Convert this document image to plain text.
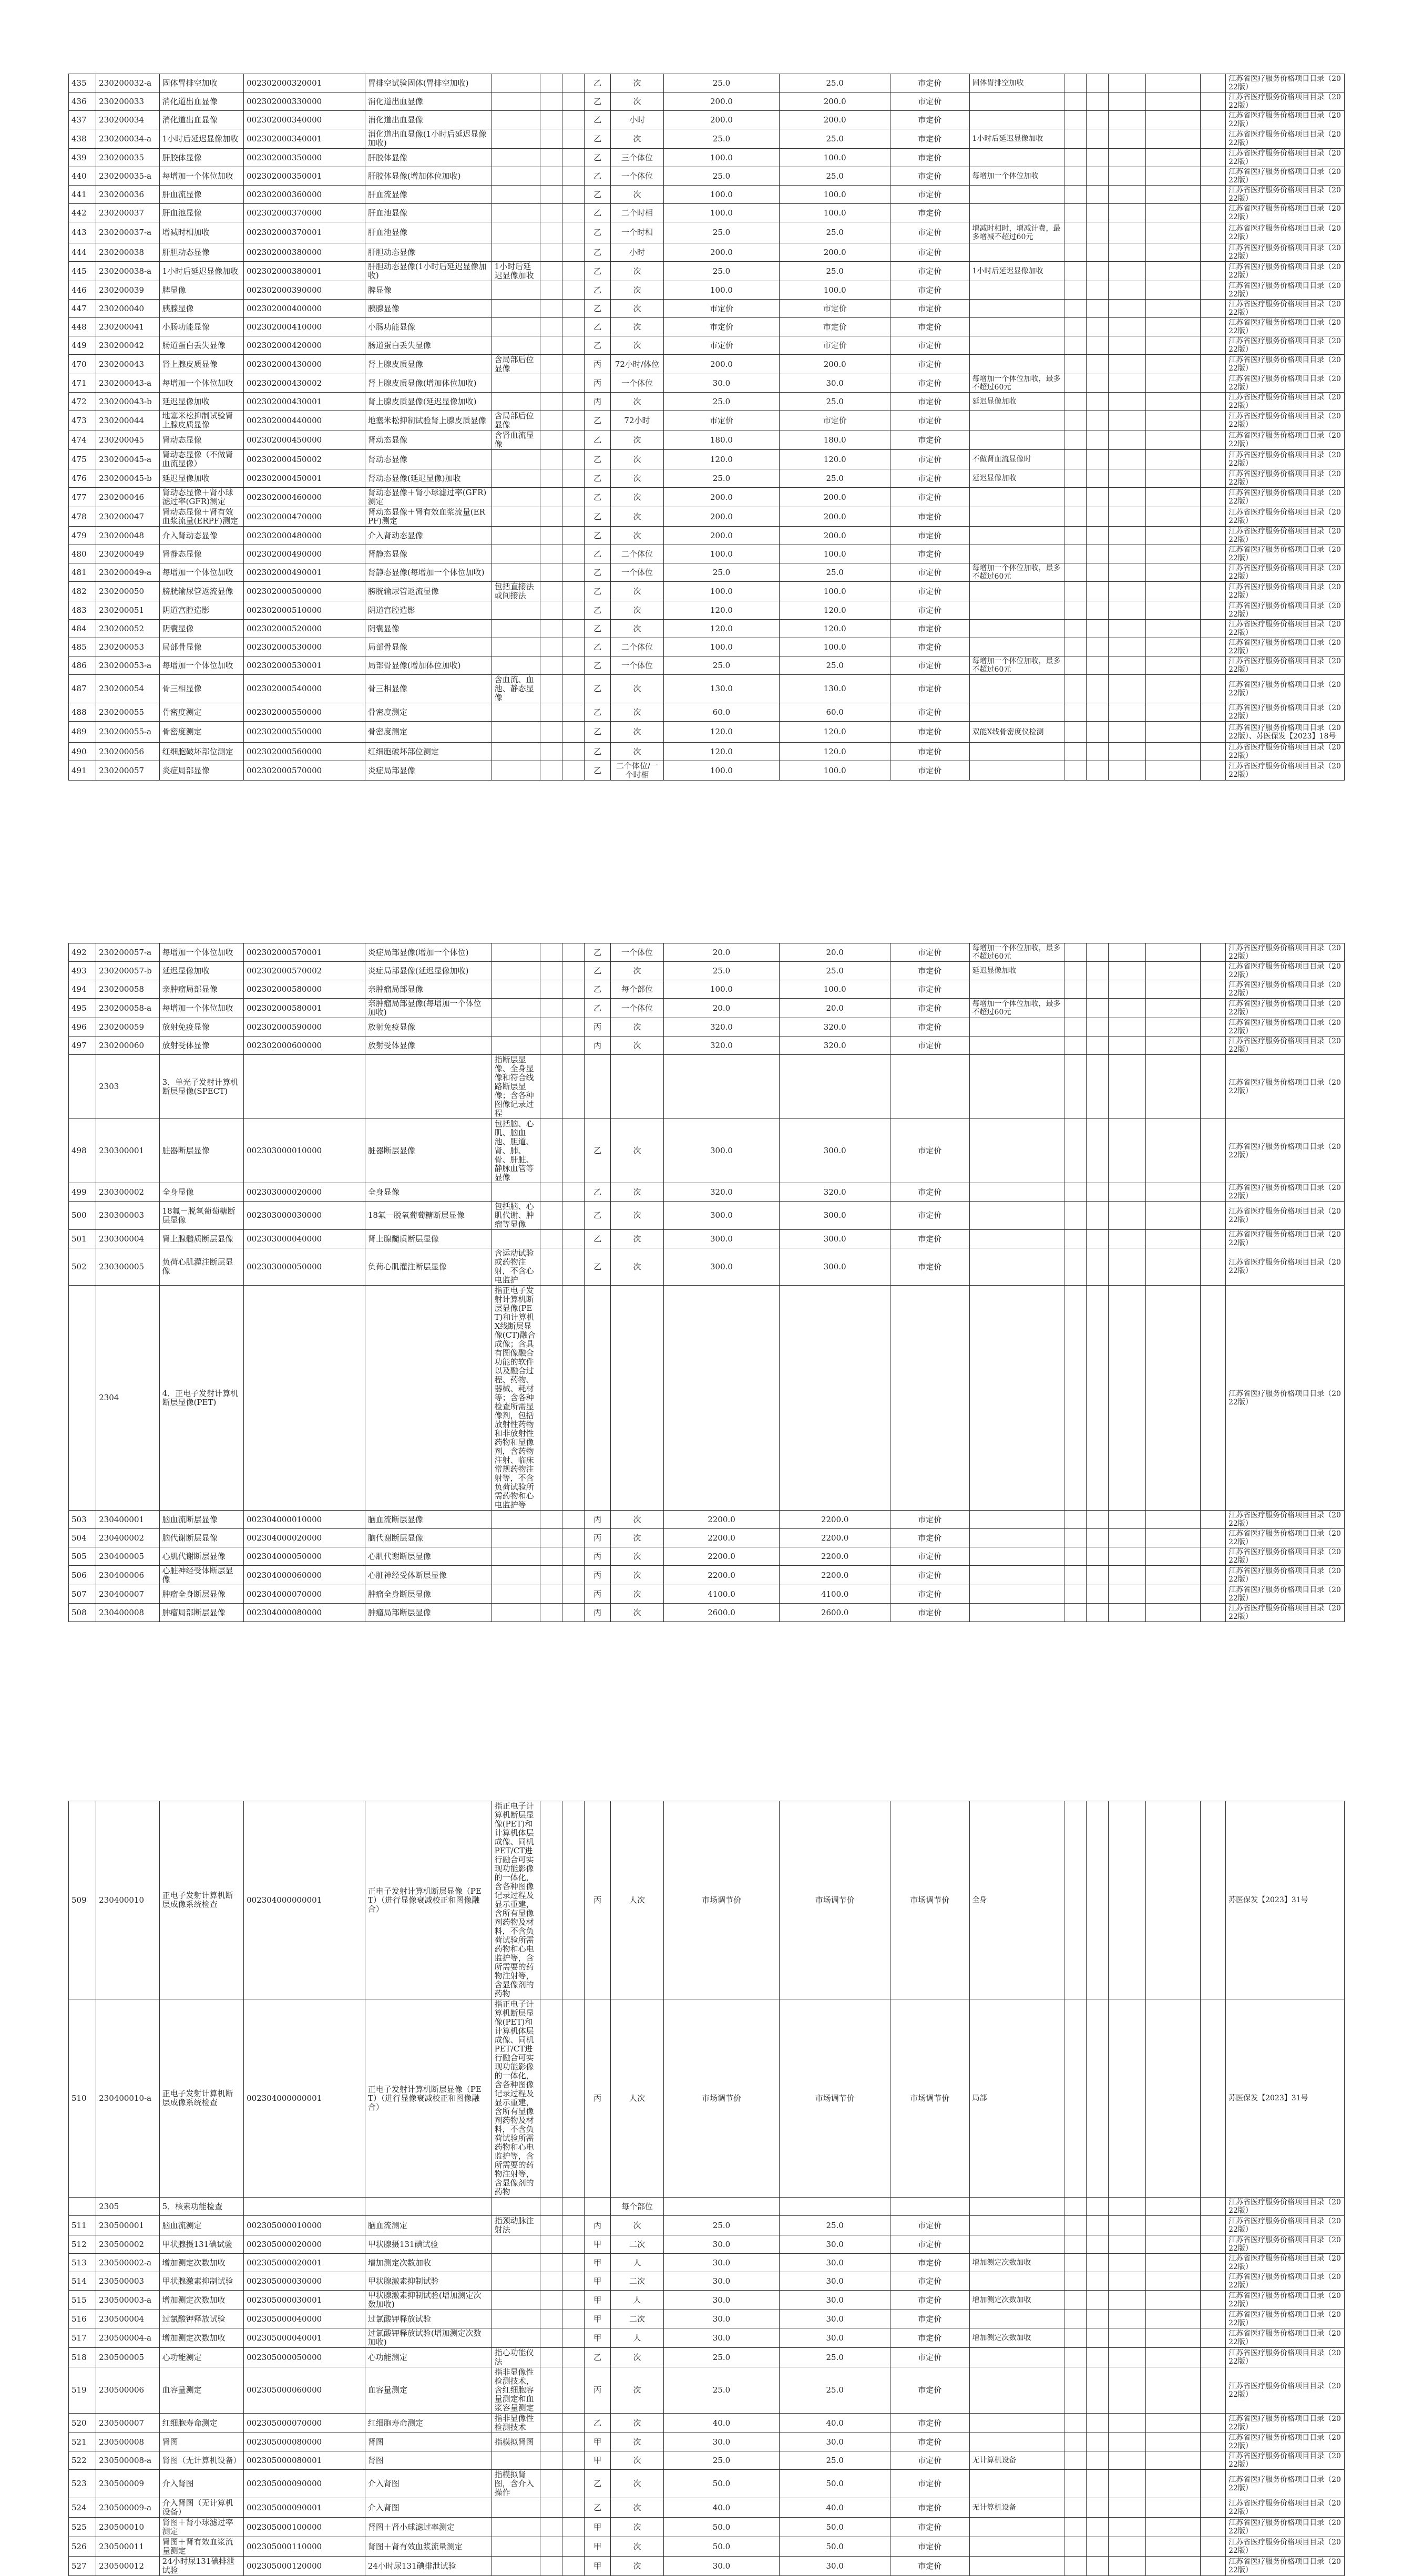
435	230200032-a	固体胃排空加收	002302000320001	胃排空试验固体(胃排空加收)				乙	次	25.0	25.0	市定价	固体胃排空加收						江苏省医疗服务价格项目目录（2022版）
436	230200033	消化道出血显像	002302000330000	消化道出血显像				乙	次	200.0	200.0	市定价							江苏省医疗服务价格项目目录（2022版）
437	230200034	消化道出血显像	002302000340000	消化道出血显像				乙	小时	200.0	200.0	市定价							江苏省医疗服务价格项目目录（2022版）
438	230200034-a	1小时后延迟显像加收	002302000340001	消化道出血显像(1小时后延迟显像加收)				乙	次	25.0	25.0	市定价	1小时后延迟显像加收						江苏省医疗服务价格项目目录（2022版）
439	230200035	肝胶体显像	002302000350000	肝胶体显像				乙	三个体位	100.0	100.0	市定价							江苏省医疗服务价格项目目录（2022版）
440	230200035-a	每增加一个体位加收	002302000350001	肝胶体显像(增加体位加收)				乙	一个体位	25.0	25.0	市定价	每增加一个体位加收						江苏省医疗服务价格项目目录（2022版）
441	230200036	肝血流显像	002302000360000	肝血流显像				乙	次	100.0	100.0	市定价							江苏省医疗服务价格项目目录（2022版）
442	230200037	肝血池显像	002302000370000	肝血池显像				乙	二个时相	100.0	100.0	市定价							江苏省医疗服务价格项目目录（2022版）
443	230200037-a	增减时相加收	002302000370001	肝血池显像				乙	一个时相	25.0	25.0	市定价	增减时相时，增减计费，最多增减不超过60元						江苏省医疗服务价格项目目录（2022版）
444	230200038	肝胆动态显像	002302000380000	肝胆动态显像				乙	小时	200.0	200.0	市定价							江苏省医疗服务价格项目目录（2022版）
445	230200038-a	1小时后延迟显像加收	002302000380001	肝胆动态显像(1小时后延迟显像加收)	1小时后延迟显像加收			乙	次	25.0	25.0	市定价	1小时后延迟显像加收						江苏省医疗服务价格项目目录（2022版）
446	230200039	脾显像	002302000390000	脾显像				乙	次	100.0	100.0	市定价							江苏省医疗服务价格项目目录（2022版）
447	230200040	胰腺显像	002302000400000	胰腺显像				乙	次	市定价	市定价	市定价							江苏省医疗服务价格项目目录（2022版）
448	230200041	小肠功能显像	002302000410000	小肠功能显像				乙	次	市定价	市定价	市定价							江苏省医疗服务价格项目目录（2022版）
449	230200042	肠道蛋白丢失显像	002302000420000	肠道蛋白丢失显像				乙	次	市定价	市定价	市定价							江苏省医疗服务价格项目目录（2022版）
470	230200043	肾上腺皮质显像	002302000430000	肾上腺皮质显像	含局部后位显像			丙	72小时/体位	200.0	200.0	市定价							江苏省医疗服务价格项目目录（2022版）
471	230200043-a	每增加一个体位加收	002302000430002	肾上腺皮质显像(增加体位加收)				丙	一个体位	30.0	30.0	市定价	每增加一个体位加收，最多不超过60元						江苏省医疗服务价格项目目录（2022版）
472	230200043-b	延迟显像加收	002302000430001	肾上腺皮质显像(延迟显像加收)				丙	次	25.0	25.0	市定价	延迟显像加收						江苏省医疗服务价格项目目录（2022版）
473	230200044	地塞米松抑制试验肾上腺皮质显像	002302000440000	地塞米松抑制试验肾上腺皮质显像	含局部后位显像			乙	72小时	市定价	市定价	市定价							江苏省医疗服务价格项目目录（2022版）
474	230200045	肾动态显像	002302000450000	肾动态显像	含肾血流显像			乙	次	180.0	180.0	市定价							江苏省医疗服务价格项目目录（2022版）
475	230200045-a	肾动态显像（不做肾血流显像）	002302000450002	肾动态显像				乙	次	120.0	120.0	市定价	不做肾血流显像时						江苏省医疗服务价格项目目录（2022版）
476	230200045-b	延迟显像加收	002302000450001	肾动态显像(延迟显像)加收				乙	次	25.0	25.0	市定价	延迟显像加收						江苏省医疗服务价格项目目录（2022版）
477	230200046	肾动态显像＋肾小球滤过率(GFR)测定	002302000460000	肾动态显像＋肾小球滤过率(GFR)测定				乙	次	200.0	200.0	市定价							江苏省医疗服务价格项目目录（2022版）
478	230200047	肾动态显像＋肾有效血浆流量(ERPF)测定	002302000470000	肾动态显像＋肾有效血浆流量(ERPF)测定				乙	次	200.0	200.0	市定价							江苏省医疗服务价格项目目录（2022版）
479	230200048	介入肾动态显像	002302000480000	介入肾动态显像				乙	次	200.0	200.0	市定价							江苏省医疗服务价格项目目录（2022版）
480	230200049	肾静态显像	002302000490000	肾静态显像				乙	二个体位	100.0	100.0	市定价							江苏省医疗服务价格项目目录（2022版）
481	230200049-a	每增加一个体位加收	002302000490001	肾静态显像(每增加一个体位加收)				乙	一个体位	25.0	25.0	市定价	每增加一个体位加收，最多不超过60元						江苏省医疗服务价格项目目录（2022版）
482	230200050	膀胱输尿管返流显像	002302000500000	膀胱输尿管返流显像	包括直接法或间接法			乙	次	100.0	100.0	市定价							江苏省医疗服务价格项目目录（2022版）
483	230200051	阴道宫腔造影	002302000510000	阴道宫腔造影				乙	次	120.0	120.0	市定价							江苏省医疗服务价格项目目录（2022版）
484	230200052	阴囊显像	002302000520000	阴囊显像				乙	次	120.0	120.0	市定价							江苏省医疗服务价格项目目录（2022版）
485	230200053	局部骨显像	002302000530000	局部骨显像				乙	二个体位	100.0	100.0	市定价							江苏省医疗服务价格项目目录（2022版）
486	230200053-a	每增加一个体位加收	002302000530001	局部骨显像(增加体位加收)				乙	一个体位	25.0	25.0	市定价	每增加一个体位加收，最多不超过60元						江苏省医疗服务价格项目目录（2022版）
487	230200054	骨三相显像	002302000540000	骨三相显像	含血流、血池、静态显像			乙	次	130.0	130.0	市定价							江苏省医疗服务价格项目目录（2022版）
488	230200055	骨密度测定	002302000550000	骨密度测定				乙	次	60.0	60.0	市定价							江苏省医疗服务价格项目目录（2022版）
489	230200055-a	骨密度测定	002302000550000	骨密度测定				乙	次	120.0	120.0	市定价	双能X线骨密度仪检测						江苏省医疗服务价格项目目录（2022版）、苏医保发【2023】18号
490	230200056	红细胞破坏部位测定	002302000560000	红细胞破坏部位测定				乙	次	120.0	120.0	市定价							江苏省医疗服务价格项目目录（2022版）
491	230200057	炎症局部显像	002302000570000	炎症局部显像				乙	二个体位/一个时相	100.0	100.0	市定价							江苏省医疗服务价格项目目录（2022版）
492	230200057-a	每增加一个体位加收	002302000570001	炎症局部显像(增加一个体位)				乙	一个体位	20.0	20.0	市定价	每增加一个体位加收，最多不超过60元						江苏省医疗服务价格项目目录（2022版）
493	230200057-b	延迟显像加收	002302000570002	炎症局部显像(延迟显像加收)				乙	次	25.0	25.0	市定价	延迟显像加收						江苏省医疗服务价格项目目录（2022版）
494	230200058	亲肿瘤局部显像	002302000580000	亲肿瘤局部显像				乙	每个部位	100.0	100.0	市定价							江苏省医疗服务价格项目目录（2022版）
495	230200058-a	每增加一个体位加收	002302000580001	亲肿瘤局部显像(每增加一个体位加收)				乙	一个体位	20.0	20.0	市定价	每增加一个体位加收，最多不超过60元						江苏省医疗服务价格项目目录（2022版）
496	230200059	放射免疫显像	002302000590000	放射免疫显像				丙	次	320.0	320.0	市定价							江苏省医疗服务价格项目目录（2022版）
497	230200060	放射受体显像	002302000600000	放射受体显像				丙	次	320.0	320.0	市定价							江苏省医疗服务价格项目目录（2022版）
	2303	3．单光子发射计算机断层显像(SPECT)			指断层显像、全身显像和符合线路断层显像；含各种图像记录过程														江苏省医疗服务价格项目目录（2022版）
498	230300001	脏器断层显像	002303000010000	脏器断层显像	包括脑、心肌、脑血池、胆道、肾、肺、骨、肝脏、静脉血管等显像			乙	次	300.0	300.0	市定价							江苏省医疗服务价格项目目录（2022版）
499	230300002	全身显像	002303000020000	全身显像				乙	次	320.0	320.0	市定价							江苏省医疗服务价格项目目录（2022版）
500	230300003	18氟－脱氧葡萄糖断层显像	002303000030000	18氟－脱氧葡萄糖断层显像	包括脑、心肌代谢、肿瘤等显像			乙	次	300.0	300.0	市定价							江苏省医疗服务价格项目目录（2022版）
501	230300004	肾上腺髓质断层显像	002303000040000	肾上腺髓质断层显像				乙	次	300.0	300.0	市定价							江苏省医疗服务价格项目目录（2022版）
502	230300005	负荷心肌灌注断层显像	002303000050000	负荷心肌灌注断层显像	含运动试验或药物注射，不含心电监护			乙	次	300.0	300.0	市定价							江苏省医疗服务价格项目目录（2022版）
	2304	4．正电子发射计算机断层显像(PET)			指正电子发射计算机断层显像(PET)和计算机X线断层显像(CT)融合成像；含具有图像融合功能的软件以及融合过程、药物、器械、耗材等；含各种检查所需显像剂，包括放射性药物和非放射性药物和显像剂，含药物注射、临床常规药物注射等，不含负荷试验所需药物和心电监护等														江苏省医疗服务价格项目目录（2022版）
503	230400001	脑血流断层显像	002304000010000	脑血流断层显像				丙	次	2200.0	2200.0	市定价							江苏省医疗服务价格项目目录（2022版）
504	230400002	脑代谢断层显像	002304000020000	脑代谢断层显像				丙	次	2200.0	2200.0	市定价							江苏省医疗服务价格项目目录（2022版）
505	230400005	心肌代谢断层显像	002304000050000	心肌代谢断层显像				丙	次	2200.0	2200.0	市定价							江苏省医疗服务价格项目目录（2022版）
506	230400006	心脏神经受体断层显像	002304000060000	心脏神经受体断层显像				丙	次	2200.0	2200.0	市定价							江苏省医疗服务价格项目目录（2022版）
507	230400007	肿瘤全身断层显像	002304000070000	肿瘤全身断层显像				丙	次	4100.0	4100.0	市定价							江苏省医疗服务价格项目目录（2022版）
508	230400008	肿瘤局部断层显像	002304000080000	肿瘤局部断层显像				丙	次	2600.0	2600.0	市定价							江苏省医疗服务价格项目目录（2022版）
509	230400010	正电子发射计算机断层成像系统检查	002304000000001	正电子发射计算机断层显像（PET）（进行显像衰减校正和图像融合）	指正电子计算机断层显像(PET)和计算机体层成像、同机PET/CT进行融合可实现功能影像的一体化，含各种图像记录过程及显示重建，含所有显像剂药物及材料，不含负荷试验所需药物和心电监护等，含所需要的药物注射等，含显像剂的药物			丙	人次	市场调节价	市场调节价	市场调节价	全身						苏医保发【2023】31号
510	230400010-a	正电子发射计算机断层成像系统检查	002304000000001	正电子发射计算机断层显像（PET）（进行显像衰减校正和图像融合）	指正电子计算机断层显像(PET)和计算机体层成像、同机PET/CT进行融合可实现功能影像的一体化，含各种图像记录过程及显示重建，含所有显像剂药物及材料，不含负荷试验所需药物和心电监护等，含所需要的药物注射等，含显像剂的药物			丙	人次	市场调节价	市场调节价	市场调节价	局部						苏医保发【2023】31号
	2305	5．核素功能检查							每个部位										江苏省医疗服务价格项目目录（2022版）
511	230500001	脑血流测定	002305000010000	脑血流测定	指颈动脉注射法			丙	次	25.0	25.0	市定价							江苏省医疗服务价格项目目录（2022版）
512	230500002	甲状腺摄131碘试验	002305000020000	甲状腺摄131碘试验				甲	二次	30.0	30.0	市定价							江苏省医疗服务价格项目目录（2022版）
513	230500002-a	增加测定次数加收	002305000020001	增加测定次数加收				甲	人	30.0	30.0	市定价	增加测定次数加收						江苏省医疗服务价格项目目录（2022版）
514	230500003	甲状腺激素抑制试验	002305000030000	甲状腺激素抑制试验				甲	二次	30.0	30.0	市定价							江苏省医疗服务价格项目目录（2022版）
515	230500003-a	增加测定次数加收	002305000030001	甲状腺激素抑制试验(增加测定次数加收)				甲	人	30.0	30.0	市定价	增加测定次数加收						江苏省医疗服务价格项目目录（2022版）
516	230500004	过氯酸钾释放试验	002305000040000	过氯酸钾释放试验				甲	二次	30.0	30.0	市定价							江苏省医疗服务价格项目目录（2022版）
517	230500004-a	增加测定次数加收	002305000040001	过氯酸钾释放试验(增加测定次数加收)				甲	人	30.0	30.0	市定价	增加测定次数加收						江苏省医疗服务价格项目目录（2022版）
518	230500005	心功能测定	002305000050000	心功能测定	指心功能仪法			乙	次	25.0	25.0	市定价							江苏省医疗服务价格项目目录（2022版）
519	230500006	血容量测定	002305000060000	血容量测定	指非显像性检测技术，含红细胞容量测定和血浆容量测定			丙	次	25.0	25.0	市定价							江苏省医疗服务价格项目目录（2022版）
520	230500007	红细胞寿命测定	002305000070000	红细胞寿命测定	指非显像性检测技术			乙	次	40.0	40.0	市定价							江苏省医疗服务价格项目目录（2022版）
521	230500008	肾图	002305000080000	肾图	指模拟肾图			甲	次	30.0	30.0	市定价							江苏省医疗服务价格项目目录（2022版）
522	230500008-a	肾图（无计算机设备）	002305000080001	肾图				甲	次	25.0	25.0	市定价	无计算机设备						江苏省医疗服务价格项目目录（2022版）
523	230500009	介入肾图	002305000090000	介入肾图	指模拟肾图，含介入操作			乙	次	50.0	50.0	市定价							江苏省医疗服务价格项目目录（2022版）
524	230500009-a	介入肾图（无计算机设备）	002305000090001	介入肾图				乙	次	40.0	40.0	市定价	无计算机设备						江苏省医疗服务价格项目目录（2022版）
525	230500010	肾图＋肾小球滤过率测定	002305000100000	肾图＋肾小球滤过率测定				甲	次	50.0	50.0	市定价							江苏省医疗服务价格项目目录（2022版）
526	230500011	肾图＋肾有效血浆流量测定	002305000110000	肾图＋肾有效血浆流量测定				甲	次	50.0	50.0	市定价							江苏省医疗服务价格项目目录（2022版）
527	230500012	24小时尿131碘排泄试验	002305000120000	24小时尿131碘排泄试验				甲	次	30.0	30.0	市定价							江苏省医疗服务价格项目目录（2022版）
